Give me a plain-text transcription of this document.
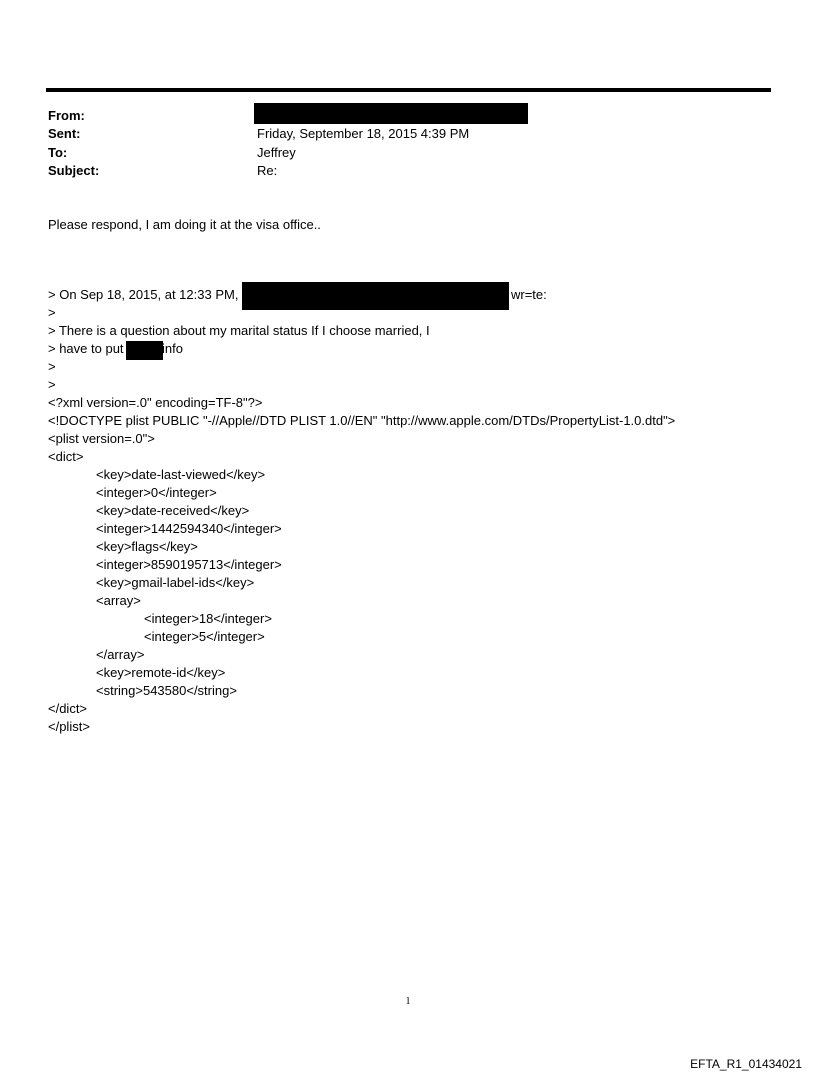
From:
Sent:	Friday, September 18, 2015 4:39 PM
To:	Jeffrey
Subject:	Re:
Please respond, I am doing it at the visa office..
> On Sep 18, 2015, at 12:33 PM,	wr=te:
>
> There is a question about my marital status If I choose married, I
> have to put	info
>
>
<?xml version=.0" encoding=TF-8"?>
<!DOCTYPE plist PUBLIC "-//Apple//DTD PLIST 1.0//EN" "http://www.apple.com/DTDs/PropertyList-1.0.dtd">
<plist version=.0">
<dict>
<key>date-last-viewed</key>
<integer>0</integer>
<key>date-received</key>
<integer>1442594340</integer>
<key>flags</key>
<integer>8590195713</integer>
<key>gmail-label-ids</key>
<array>
<integer>18</integer>
<integer>5</integer>
</array>
<key>remote-id</key>
<string>543580</string>
</dict>
</plist>
1
EFTA_R1_01434021
